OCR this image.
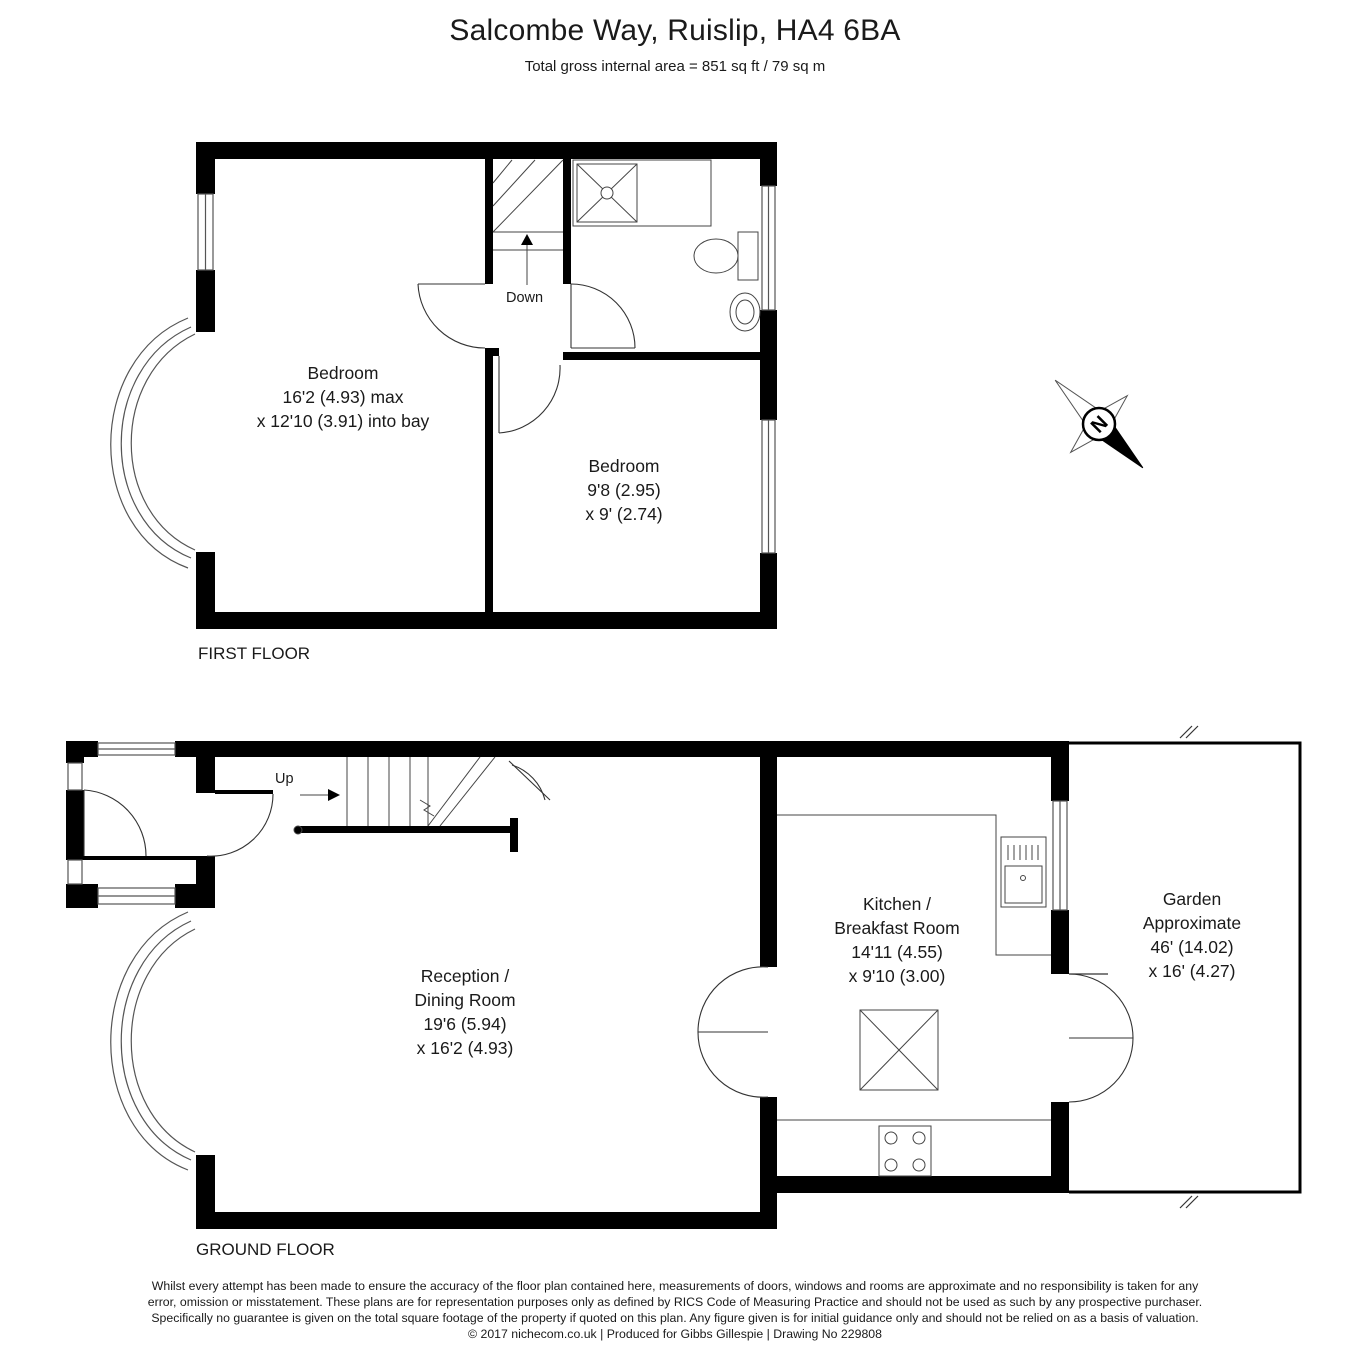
Salcombe Way, Ruislip, HA4 6BA
Total gross internal area = 851 sq ft / 79 sq m
N
FIRST FLOOR
GROUND FLOOR
Down
Up
Bedroom
16'2 (4.93) max
x 12'10 (3.91) into bay
Bedroom
9'8 (2.95)
x 9' (2.74)
Reception /
Dining Room
19'6 (5.94)
x 16'2 (4.93)
Kitchen /
Breakfast Room
14'11 (4.55)
x 9'10 (3.00)
Garden
Approximate
46' (14.02)
x 16' (4.27)
Whilst every attempt has been made to ensure the accuracy of the floor plan contained here, measurements of doors, windows and rooms are approximate and no responsibility is taken for any
error, omission or misstatement. These plans are for representation purposes only as defined by RICS Code of Measuring Practice and should not be used as such by any prospective purchaser.
Specifically no guarantee is given on the total square footage of the property if quoted on this plan. Any figure given is for initial guidance only and should not be relied on as a basis of valuation.
© 2017 nichecom.co.uk | Produced for Gibbs Gillespie | Drawing No 229808
